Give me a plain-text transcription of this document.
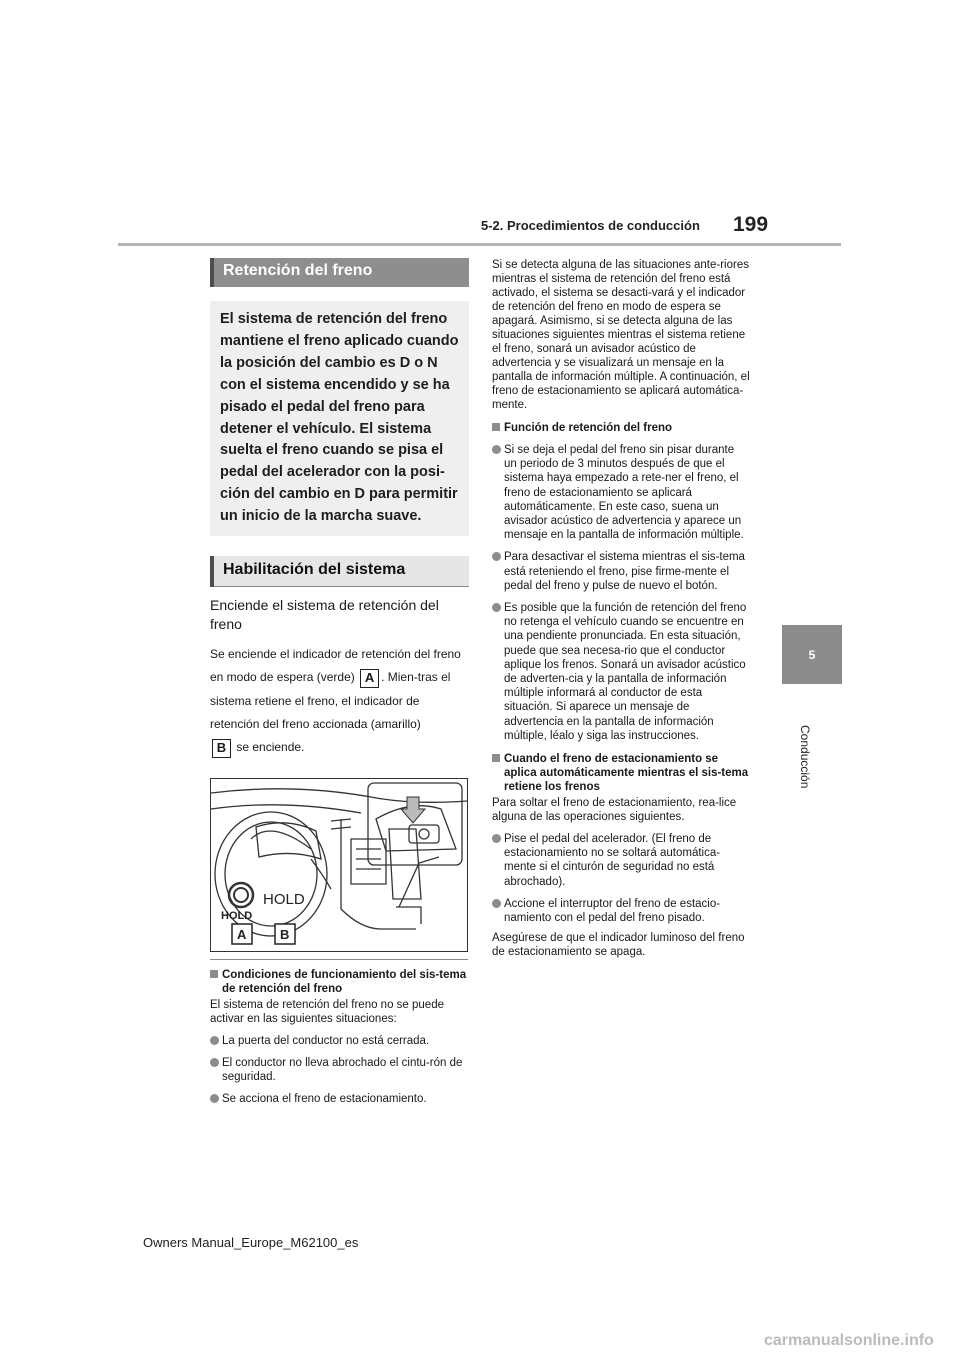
5-2. Procedimientos de conducción 199
5
Conducción
Retención del freno
El sistema de retención del freno mantiene el freno aplicado cuando la posición del cambio es D o N con el sistema encendido y se ha pisado el pedal del freno para detener el vehículo. El sistema suelta el freno cuando se pisa el pedal del acelerador con la posi-ción del cambio en D para permitir un inicio de la marcha suave.
Habilitación del sistema
Enciende el sistema de retención del freno
Se enciende el indicador de retención del freno en modo de espera (verde) A . Mien-tras el sistema retiene el freno, el indicador de retención del freno accionada (amarillo)
B se enciende.
HOLD
HOLD
A	B
Condiciones de funcionamiento del sis-tema de retención del freno
El sistema de retención del freno no se puede activar en las siguientes situaciones:
La puerta del conductor no está cerrada.
El conductor no lleva abrochado el cintu-rón de seguridad.
Se acciona el freno de estacionamiento.
Si se detecta alguna de las situaciones ante-riores mientras el sistema de retención del freno está activado, el sistema se desacti-vará y el indicador de retención del freno en modo de espera se apagará. Asimismo, si se detecta alguna de las situaciones siguientes mientras el sistema retiene el freno, sonará un avisador acústico de advertencia y se visualizará un mensaje en la pantalla de información múltiple. A continuación, el freno de estacionamiento se aplicará automática-mente.
Función de retención del freno
Si se deja el pedal del freno sin pisar durante un periodo de 3 minutos después de que el sistema haya empezado a rete-ner el freno, el freno de estacionamiento se aplicará automáticamente. En este caso, suena un avisador acústico de advertencia y aparece un mensaje en la pantalla de información múltiple.
Para desactivar el sistema mientras el sis-tema está reteniendo el freno, pise firme-mente el pedal del freno y pulse de nuevo el botón.
Es posible que la función de retención del freno no retenga el vehículo cuando se encuentre en una pendiente pronunciada. En esta situación, puede que sea necesa-rio que el conductor aplique los frenos. Sonará un avisador acústico de adverten-cia y la pantalla de información múltiple informará al conductor de esta situación. Si aparece un mensaje de advertencia en la pantalla de información múltiple, léalo y siga las instrucciones.
Cuando el freno de estacionamiento se aplica automáticamente mientras el sis-tema retiene los frenos
Para soltar el freno de estacionamiento, rea-lice alguna de las operaciones siguientes.
Pise el pedal del acelerador. (El freno de estacionamiento no se soltará automática-mente si el cinturón de seguridad no está abrochado).
Accione el interruptor del freno de estacio-namiento con el pedal del freno pisado.
Asegúrese de que el indicador luminoso del freno de estacionamiento se apaga.
Owners Manual_Europe_M62100_es
carmanualsonline.info
